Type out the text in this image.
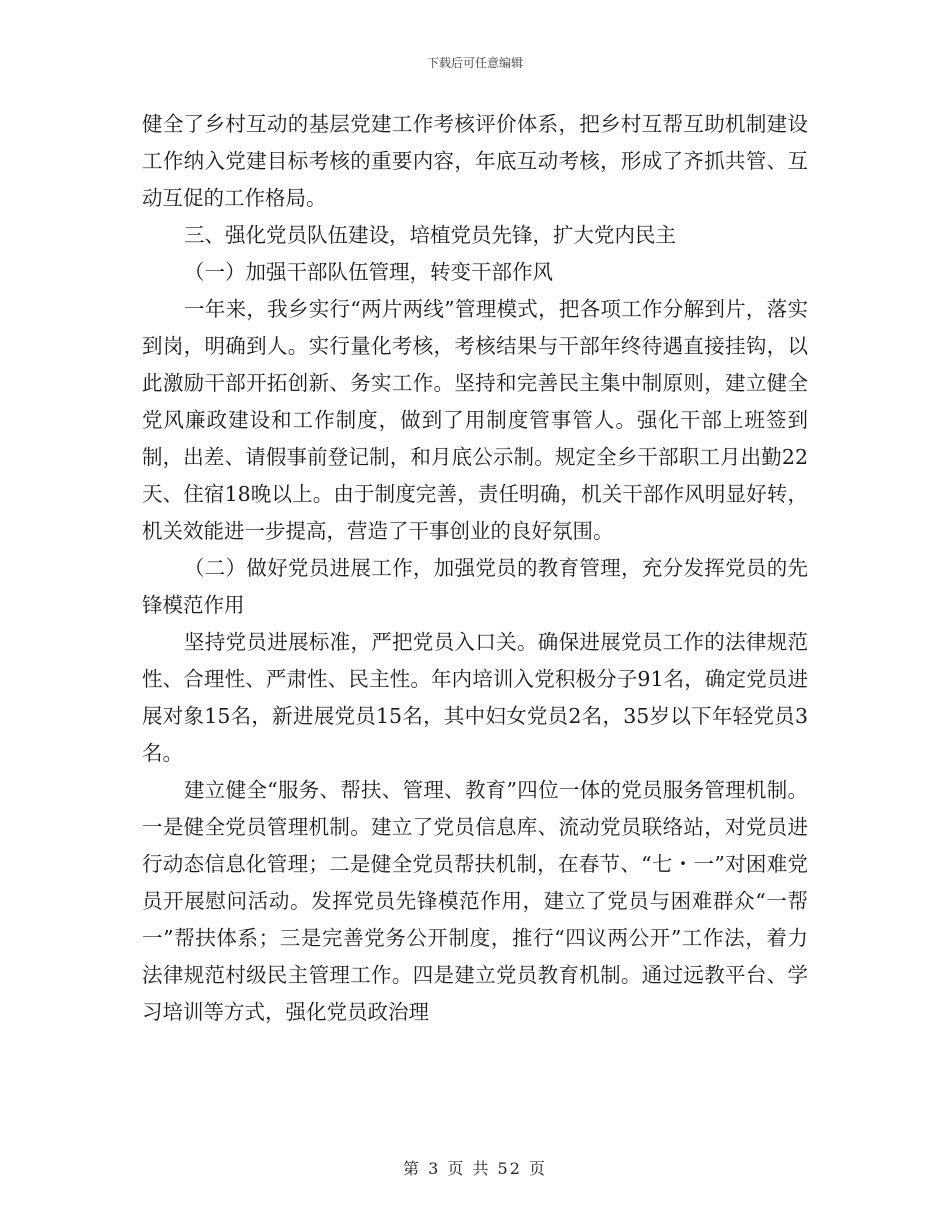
下载后可任意编辑

健全了乡村互动的基层党建工作考核评价体系，把乡村互帮互助机制建设工作纳入党建目标考核的重要内容，年底互动考核，形成了齐抓共管、互动互促的工作格局。

三、强化党员队伍建设，培植党员先锋，扩大党内民主

（一）加强干部队伍管理，转变干部作风

一年来，我乡实行“两片两线”管理模式，把各项工作分解到片，落实到岗，明确到人。实行量化考核，考核结果与干部年终待遇直接挂钩，以此激励干部开拓创新、务实工作。坚持和完善民主集中制原则，建立健全党风廉政建设和工作制度，做到了用制度管事管人。强化干部上班签到制，出差、请假事前登记制，和月底公示制。规定全乡干部职工月出勤22天、住宿18晚以上。由于制度完善，责任明确，机关干部作风明显好转，机关效能进一步提高，营造了干事创业的良好氛围。

（二）做好党员进展工作，加强党员的教育管理，充分发挥党员的先锋模范作用

坚持党员进展标准，严把党员入口关。确保进展党员工作的法律规范性、合理性、严肃性、民主性。年内培训入党积极分子91名，确定党员进展对象15名，新进展党员15名，其中妇女党员2名，35岁以下年轻党员3名。

建立健全“服务、帮扶、管理、教育”四位一体的党员服务管理机制。一是健全党员管理机制。建立了党员信息库、流动党员联络站，对党员进行动态信息化管理；二是健全党员帮扶机制，在春节、“七・一”对困难党员开展慰问活动。发挥党员先锋模范作用，建立了党员与困难群众“一帮一”帮扶体系；三是完善党务公开制度，推行“四议两公开”工作法，着力法律规范村级民主管理工作。四是建立党员教育机制。通过远教平台、学习培训等方式，强化党员政治理

第 3 页 共 52 页
